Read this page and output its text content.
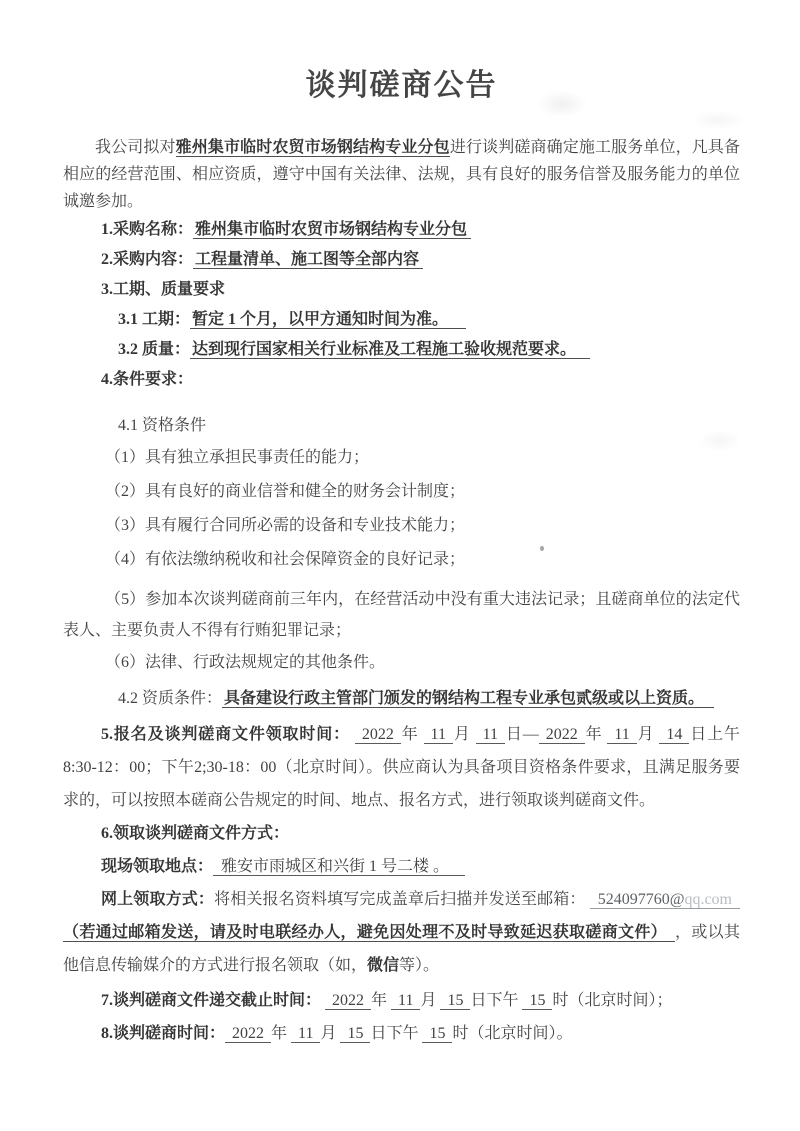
谈判磋商公告

我公司拟对雅州集市临时农贸市场钢结构专业分包进行谈判磋商确定施工服务单位，凡具备相应的经营范围、相应资质，遵守中国有关法律、法规，具有良好的服务信誉及服务能力的单位诚邀参加。

1.采购名称： 雅州集市临时农贸市场钢结构专业分包

2.采购内容： 工程量清单、施工图等全部内容

3.工期、质量要求

3.1 工期： 暂定 1 个月，以甲方通知时间为准。

3.2 质量： 达到现行国家相关行业标准及工程施工验收规范要求。

4.条件要求：

4.1 资格条件

（1）具有独立承担民事责任的能力；

（2）具有良好的商业信誉和健全的财务会计制度；

（3）具有履行合同所必需的设备和专业技术能力；

（4）有依法缴纳税收和社会保障资金的良好记录；

（5）参加本次谈判磋商前三年内，在经营活动中没有重大违法记录；且磋商单位的法定代表人、主要负责人不得有行贿犯罪记录；

（6）法律、行政法规规定的其他条件。

4.2 资质条件： 具备建设行政主管部门颁发的钢结构工程专业承包贰级或以上资质。

5.报名及谈判磋商文件领取时间： 2022 年 11 月 11 日— 2022 年 11 月 14 日上午8:30-12：00；下午2;30-18：00（北京时间）。供应商认为具备项目资格条件要求，且满足服务要求的，可以按照本磋商公告规定的时间、地点、报名方式，进行领取谈判磋商文件。

6.领取谈判磋商文件方式：

现场领取地点： 雅安市雨城区和兴街 1 号二楼 。

网上领取方式：将相关报名资料填写完成盖章后扫描并发送至邮箱： 524097760@qq.com（若通过邮箱发送，请及时电联经办人，避免因处理不及时导致延迟获取磋商文件） ，或以其他信息传输媒介的方式进行报名领取（如，微信等）。

7.谈判磋商文件递交截止时间： 2022 年 11 月 15 日下午 15 时（北京时间）；

8.谈判磋商时间： 2022 年 11 月 15 日下午 15 时（北京时间）。
